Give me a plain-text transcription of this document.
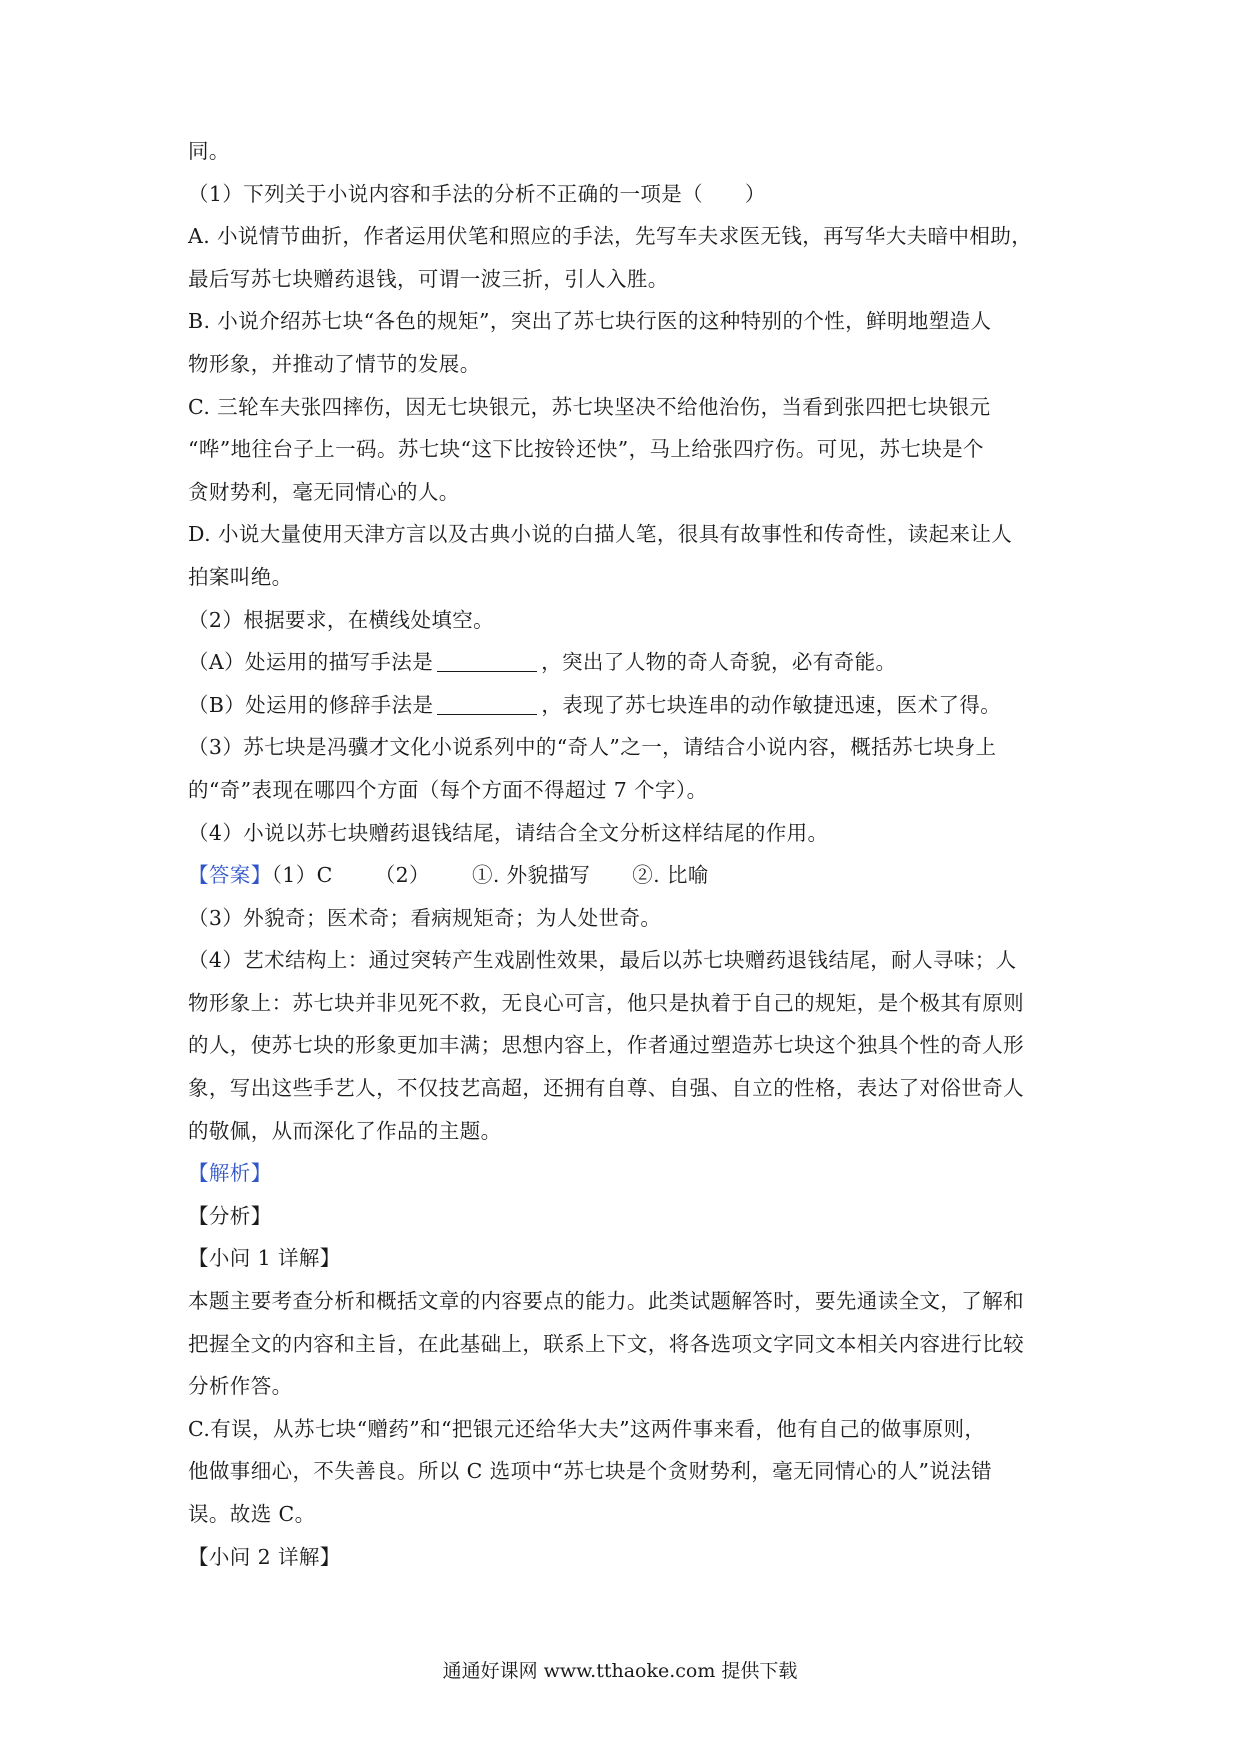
同。
（1）下列关于小说内容和手法的分析不正确的一项是（　　）
A. 小说情节曲折，作者运用伏笔和照应的手法，先写车夫求医无钱，再写华大夫暗中相助，
最后写苏七块赠药退钱，可谓一波三折，引人入胜。
B. 小说介绍苏七块“各色的规矩”，突出了苏七块行医的这种特别的个性，鲜明地塑造人
物形象，并推动了情节的发展。
C. 三轮车夫张四摔伤，因无七块银元，苏七块坚决不给他治伤，当看到张四把七块银元
“哗”地往台子上一码。苏七块“这下比按铃还快”，马上给张四疗伤。可见，苏七块是个
贪财势利，毫无同情心的人。
D. 小说大量使用天津方言以及古典小说的白描人笔，很具有故事性和传奇性，读起来让人
拍案叫绝。
（2）根据要求，在横线处填空。
（A）处运用的描写手法是	，突出了人物的奇人奇貌，必有奇能。
（B）处运用的修辞手法是	，表现了苏七块连串的动作敏捷迅速，医术了得。
（3）苏七块是冯骥才文化小说系列中的“奇人”之一，请结合小说内容，概括苏七块身上
的“奇”表现在哪四个方面（每个方面不得超过 7 个字）。
（4）小说以苏七块赠药退钱结尾，请结合全文分析这样结尾的作用。
【答案】（1）C （2） ①. 外貌描写 ②. 比喻
（3）外貌奇；医术奇；看病规矩奇；为人处世奇。
（4）艺术结构上：通过突转产生戏剧性效果，最后以苏七块赠药退钱结尾，耐人寻味；人
物形象上：苏七块并非见死不救，无良心可言，他只是执着于自己的规矩，是个极其有原则
的人，使苏七块的形象更加丰满；思想内容上，作者通过塑造苏七块这个独具个性的奇人形
象，写出这些手艺人，不仅技艺高超，还拥有自尊、自强、自立的性格，表达了对俗世奇人
的敬佩，从而深化了作品的主题。
【解析】
【分析】
【小问 1 详解】
本题主要考查分析和概括文章的内容要点的能力。此类试题解答时，要先通读全文，了解和
把握全文的内容和主旨，在此基础上，联系上下文，将各选项文字同文本相关内容进行比较
分析作答。
C.有误，从苏七块“赠药”和“把银元还给华大夫”这两件事来看，他有自己的做事原则，
他做事细心，不失善良。所以 C 选项中“苏七块是个贪财势利，毫无同情心的人”说法错
误。故选 C。
【小问 2 详解】
通通好课网 www.tthaoke.com 提供下载
